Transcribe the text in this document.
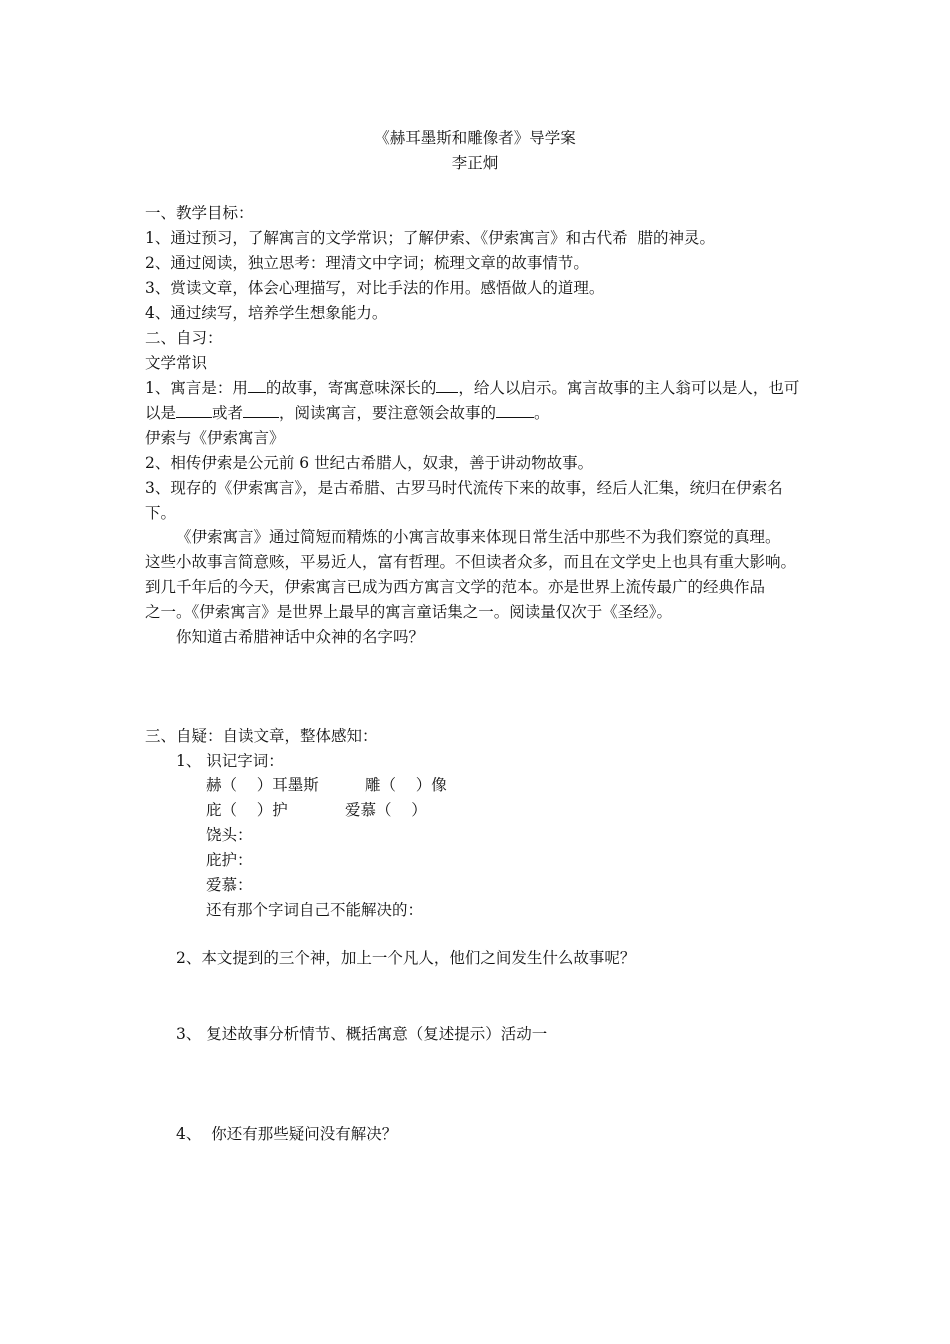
《赫耳墨斯和雕像者》导学案
李正炯
一、教学目标：
1、通过预习，了解寓言的文学常识；了解伊索、《伊索寓言》和古代希  腊的神灵。
2、通过阅读，独立思考：理清文中字词；梳理文章的故事情节。
3、赏读文章，体会心理描写，对比手法的作用。感悟做人的道理。
4、通过续写，培养学生想象能力。
二、自习：
文学常识
1、寓言是：用 的故事，寄寓意味深长的 ，给人以启示。寓言故事的主人翁可以是人，也可
以是 或者 ，阅读寓言，要注意领会故事的 。
伊索与《伊索寓言》
2、相传伊索是公元前 6 世纪古希腊人，奴隶，善于讲动物故事。
3、现存的《伊索寓言》，是古希腊、古罗马时代流传下来的故事，经后人汇集，统归在伊索名
下。
《伊索寓言》通过简短而精炼的小寓言故事来体现日常生活中那些不为我们察觉的真理。
这些小故事言简意赅，平易近人，富有哲理。不但读者众多，而且在文学史上也具有重大影响。
到几千年后的今天，伊索寓言已成为西方寓言文学的范本。亦是世界上流传最广的经典作品
之一。《伊索寓言》是世界上最早的寓言童话集之一。阅读量仅次于《圣经》。
你知道古希腊神话中众神的名字吗？
三、自疑：自读文章，整体感知：
1、 识记字词：
赫（    ）耳墨斯	雕（    ）像
庇（    ）护	爱慕（    ）
饶头：
庇护：
爱慕：
还有那个字词自己不能解决的：
2、本文提到的三个神，加上一个凡人，他们之间发生什么故事呢？
3、 复述故事分析情节、概括寓意（复述提示）活动一
4、  你还有那些疑问没有解决？
